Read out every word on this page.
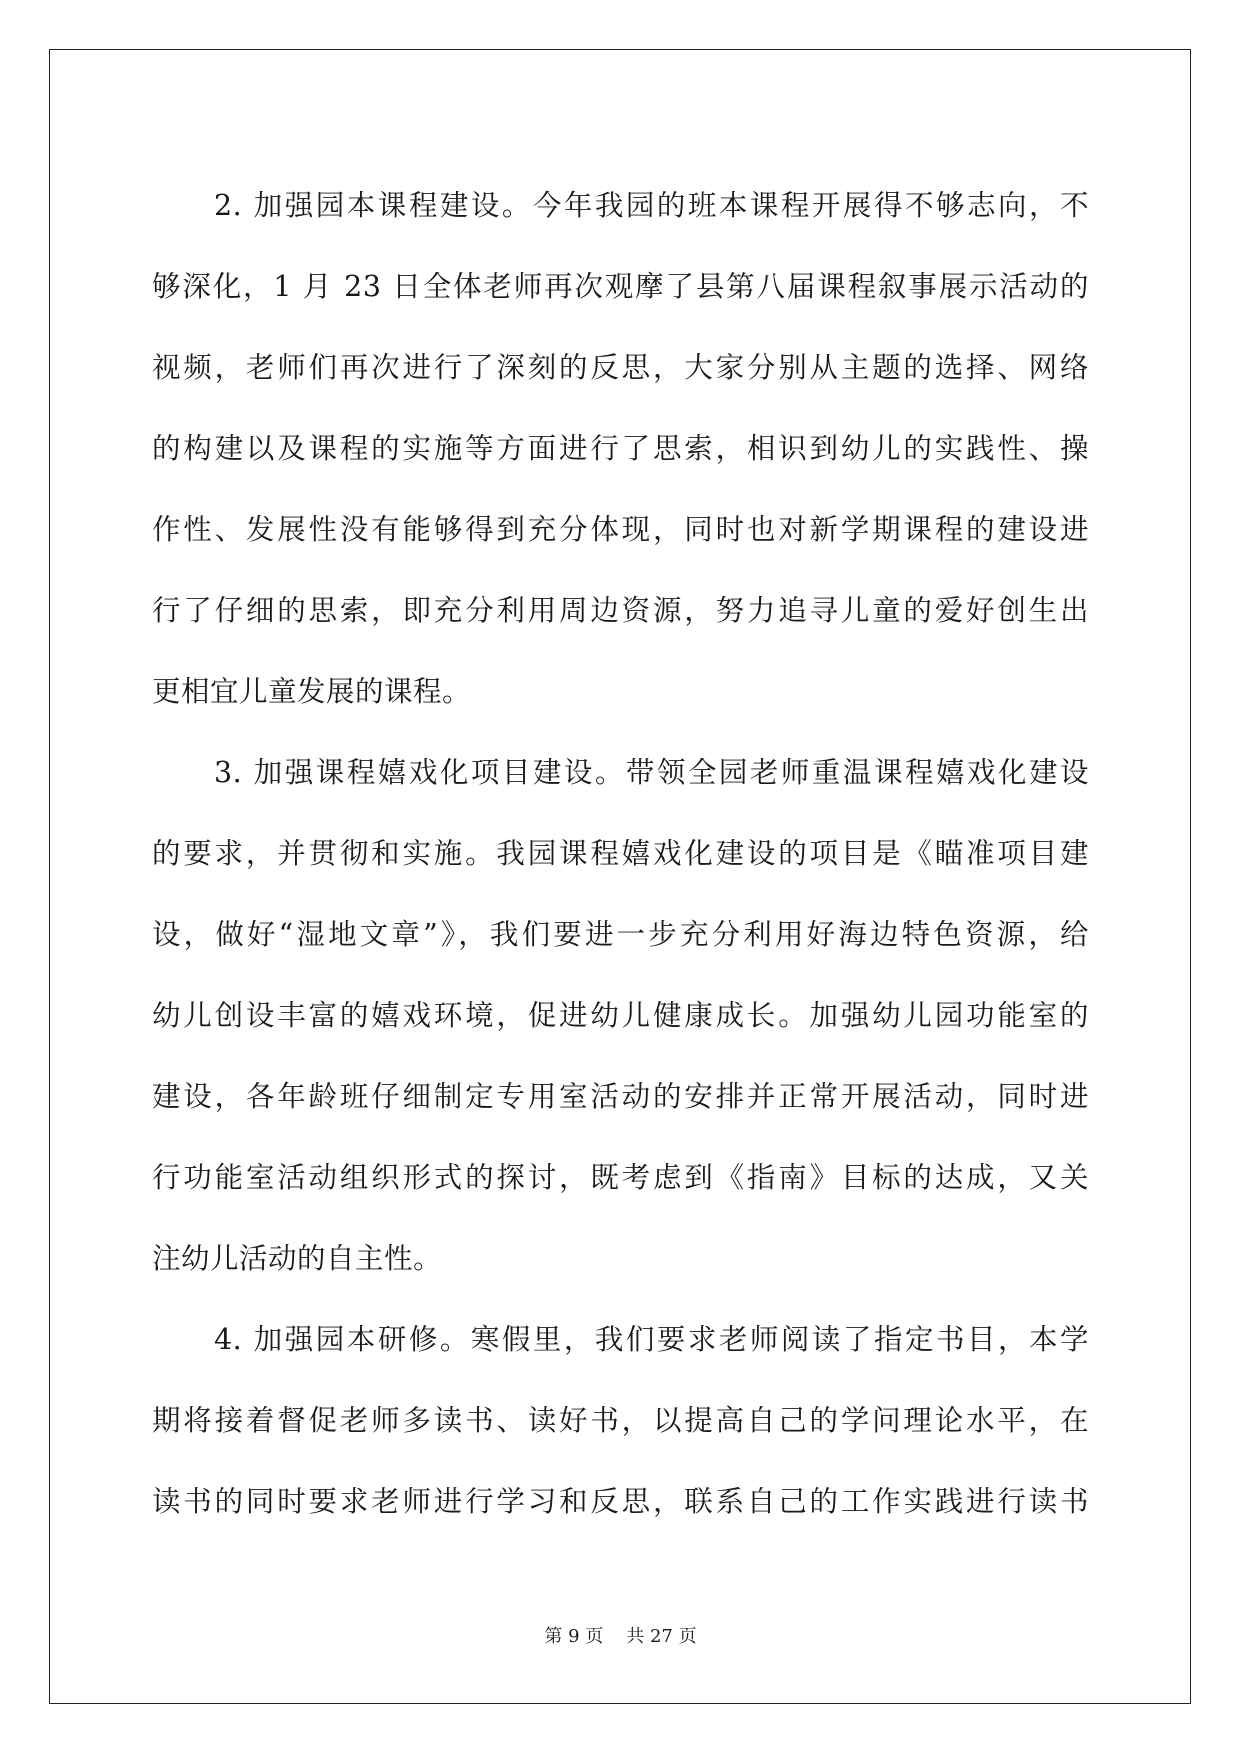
　　2. 加强园本课程建设。今年我园的班本课程开展得不够志向，不
够深化，1 月 23 日全体老师再次观摩了县第八届课程叙事展示活动的
视频，老师们再次进行了深刻的反思，大家分别从主题的选择、网络
的构建以及课程的实施等方面进行了思索，相识到幼儿的实践性、操
作性、发展性没有能够得到充分体现，同时也对新学期课程的建设进
行了仔细的思索，即充分利用周边资源，努力追寻儿童的爱好创生出
更相宜儿童发展的课程。
　　3. 加强课程嬉戏化项目建设。带领全园老师重温课程嬉戏化建设
的要求，并贯彻和实施。我园课程嬉戏化建设的项目是《瞄准项目建
设，做好“湿地文章”》，我们要进一步充分利用好海边特色资源，给
幼儿创设丰富的嬉戏环境，促进幼儿健康成长。加强幼儿园功能室的
建设，各年龄班仔细制定专用室活动的安排并正常开展活动，同时进
行功能室活动组织形式的探讨，既考虑到《指南》目标的达成，又关
注幼儿活动的自主性。
　　4. 加强园本研修。寒假里，我们要求老师阅读了指定书目，本学
期将接着督促老师多读书、读好书，以提高自己的学问理论水平，在
读书的同时要求老师进行学习和反思，联系自己的工作实践进行读书
第 9 页 共 27 页
